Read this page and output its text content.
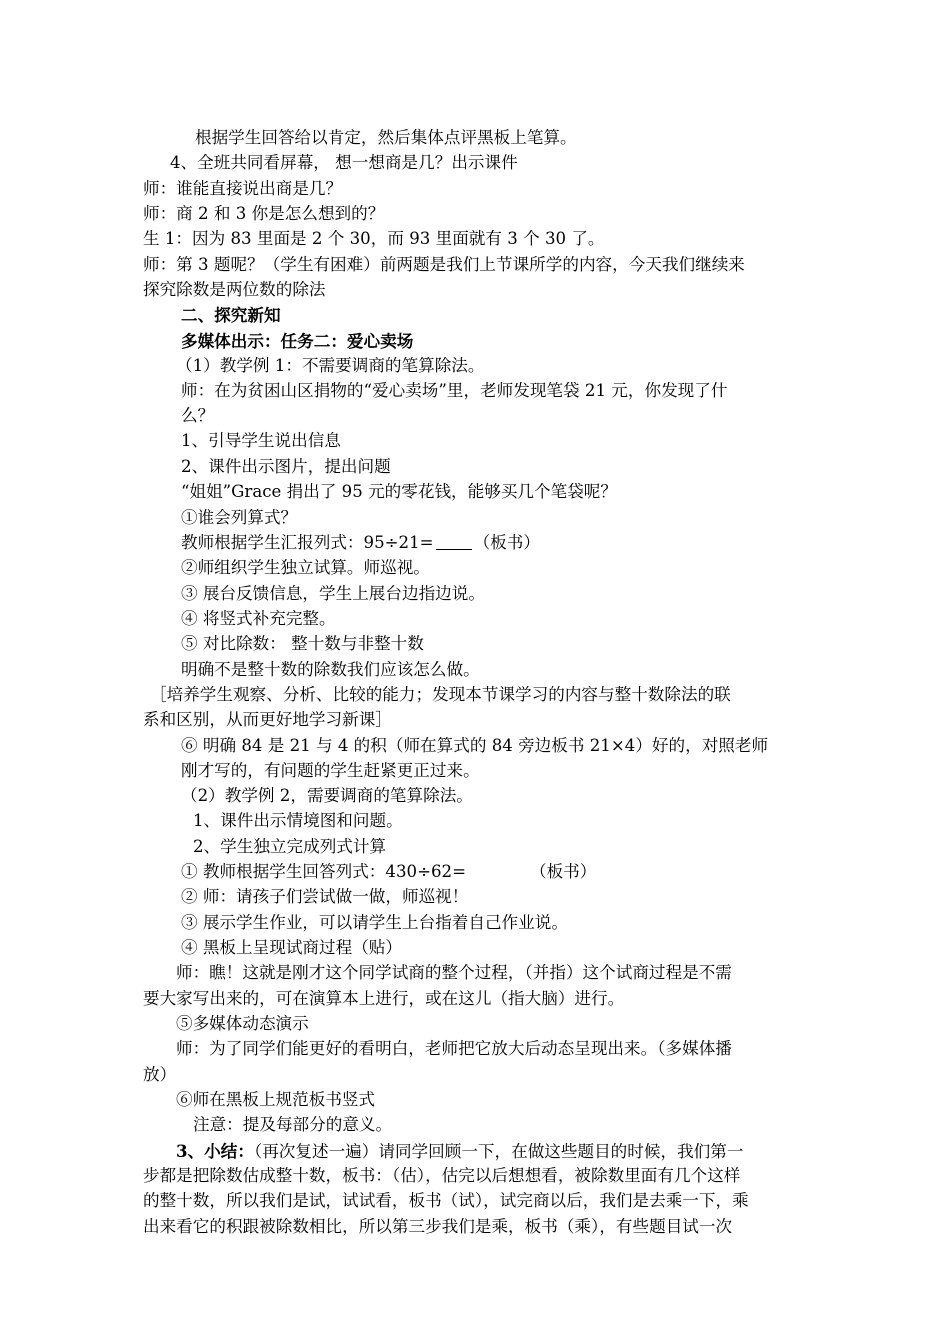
根据学生回答给以肯定，然后集体点评黑板上笔算。
4、全班共同看屏幕， 想一想商是几？出示课件
师：谁能直接说出商是几？
师：商 2 和 3 你是怎么想到的？
生 1：因为 83 里面是 2 个 30，而 93 里面就有 3 个 30 了。
师：第 3 题呢？（学生有困难）前两题是我们上节课所学的内容，今天我们继续来
探究除数是两位数的除法
二、探究新知
多媒体出示：任务二：爱心卖场
（1）教学例 1：不需要调商的笔算除法。
师：在为贫困山区捐物的“爱心卖场”里，老师发现笔袋 21 元，你发现了什
么？
1、引导学生说出信息
2、课件出示图片，提出问题
“姐姐”Grace 捐出了 95 元的零花钱，能够买几个笔袋呢？
①谁会列算式？
教师根据学生汇报列式：95÷21= （板书）
②师组织学生独立试算。师巡视。
③ 展台反馈信息，学生上展台边指边说。
④ 将竖式补充完整。
⑤ 对比除数： 整十数与非整十数
明确不是整十数的除数我们应该怎么做。
［培养学生观察、分析、比较的能力；发现本节课学习的内容与整十数除法的联
系和区别，从而更好地学习新课］
⑥ 明确 84 是 21 与 4 的积（师在算式的 84 旁边板书 21×4）好的，对照老师
刚才写的，有问题的学生赶紧更正过来。
（2）教学例 2，需要调商的笔算除法。
1、课件出示情境图和问题。
2、学生独立完成列式计算
① 教师根据学生回答列式：430÷62=	（板书）
② 师：请孩子们尝试做一做，师巡视！
③ 展示学生作业，可以请学生上台指着自己作业说。
④ 黑板上呈现试商过程（贴）
师：瞧！这就是刚才这个同学试商的整个过程，（并指）这个试商过程是不需
要大家写出来的，可在演算本上进行，或在这儿（指大脑）进行。
⑤多媒体动态演示
师：为了同学们能更好的看明白，老师把它放大后动态呈现出来。（多媒体播
放）
⑥师在黑板上规范板书竖式
注意：提及每部分的意义。
3、小结：（再次复述一遍）请同学回顾一下，在做这些题目的时候，我们第一
步都是把除数估成整十数，板书：（估），估完以后想想看，被除数里面有几个这样
的整十数，所以我们是试，试试看，板书（试），试完商以后，我们是去乘一下，乘
出来看它的积跟被除数相比，所以第三步我们是乘，板书（乘），有些题目试一次
